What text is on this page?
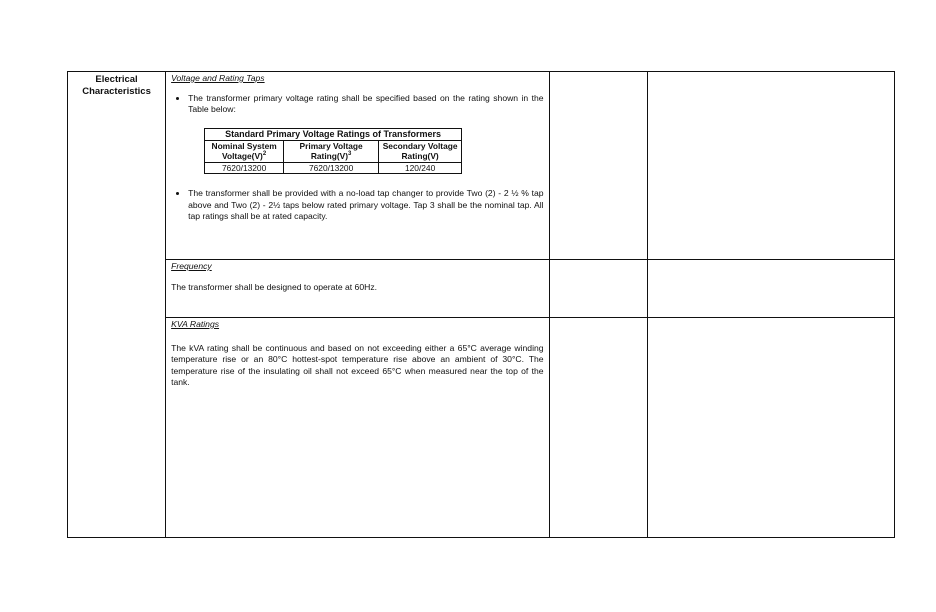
Electrical
Characteristics

Voltage and Rating Taps
• The transformer primary voltage rating shall be specified based on the rating shown in the Table below:
Standard Primary Voltage Ratings of Transformers
Nominal System $Voltage(V)^2$	Primary Voltage $Rating(V)^3$	Secondary Voltage Rating(V)
7620/13200	7620/13200	120/240
• The transformer shall be provided with a no-load tap changer to provide Two (2) - 2 ½ % tap above and Two (2) - 2½ taps below rated primary voltage. Tap 3 shall be the nominal tap. All tap ratings shall be at rated capacity.

Frequency
The transformer shall be designed to operate at 60Hz.

KVA Ratings
The kVA rating shall be continuous and based on not exceeding either a 65°C average winding temperature rise or an 80°C hottest-spot temperature rise above an ambient of 30°C. The temperature rise of the insulating oil shall not exceed 65°C when measured near the top of the tank.
